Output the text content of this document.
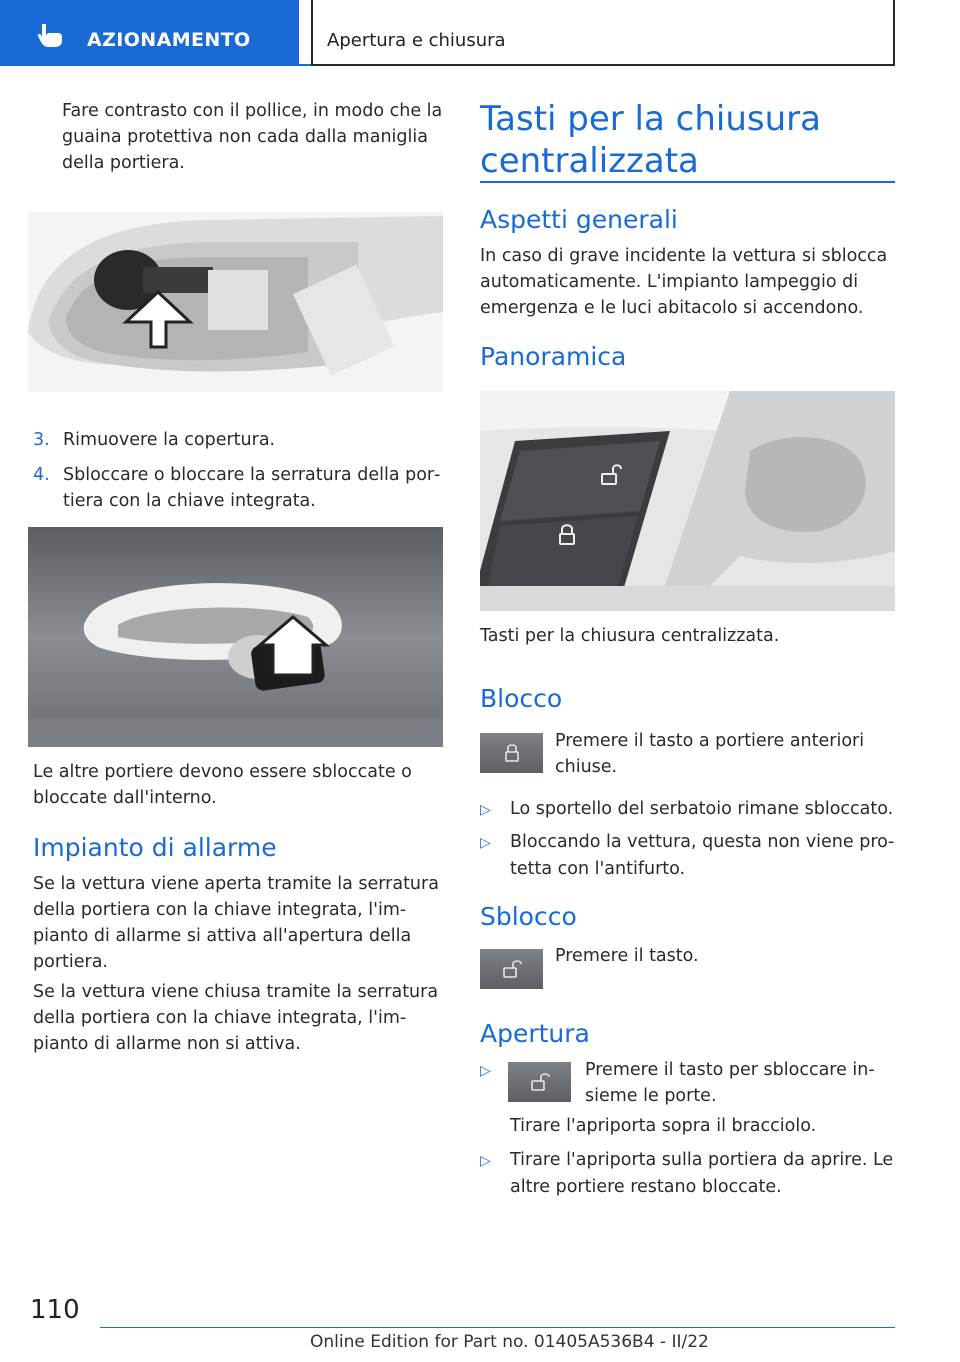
AZIONAMENTO	Apertura e chiusura
Fare contrasto con il pollice, in modo che la guaina protettiva non cada dalla maniglia della portiera.
3. Rimuovere la copertura.
4. Sbloccare o bloccare la serratura della portiera con la chiave integrata.
Le altre portiere devono essere sbloccate o bloccate dall'interno.
Impianto di allarme
Se la vettura viene aperta tramite la serratura della portiera con la chiave integrata, l'impianto di allarme si attiva all'apertura della portiera.
Se la vettura viene chiusa tramite la serratura della portiera con la chiave integrata, l'impianto di allarme non si attiva.
Tasti per la chiusura centralizzata
Aspetti generali
In caso di grave incidente la vettura si sblocca automaticamente. L'impianto lampeggio di emergenza e le luci abitacolo si accendono.
Panoramica
Tasti per la chiusura centralizzata.
Blocco
Premere il tasto a portiere anteriori chiuse.
▷ Lo sportello del serbatoio rimane sbloccato.
▷ Bloccando la vettura, questa non viene protetta con l'antifurto.
Sblocco
Premere il tasto.
Apertura
▷	Premere il tasto per sbloccare insieme le porte.
Tirare l'apriporta sopra il bracciolo.
▷ Tirare l'apriporta sulla portiera da aprire. Le altre portiere restano bloccate.
110
Online Edition for Part no. 01405A536B4 - II/22
